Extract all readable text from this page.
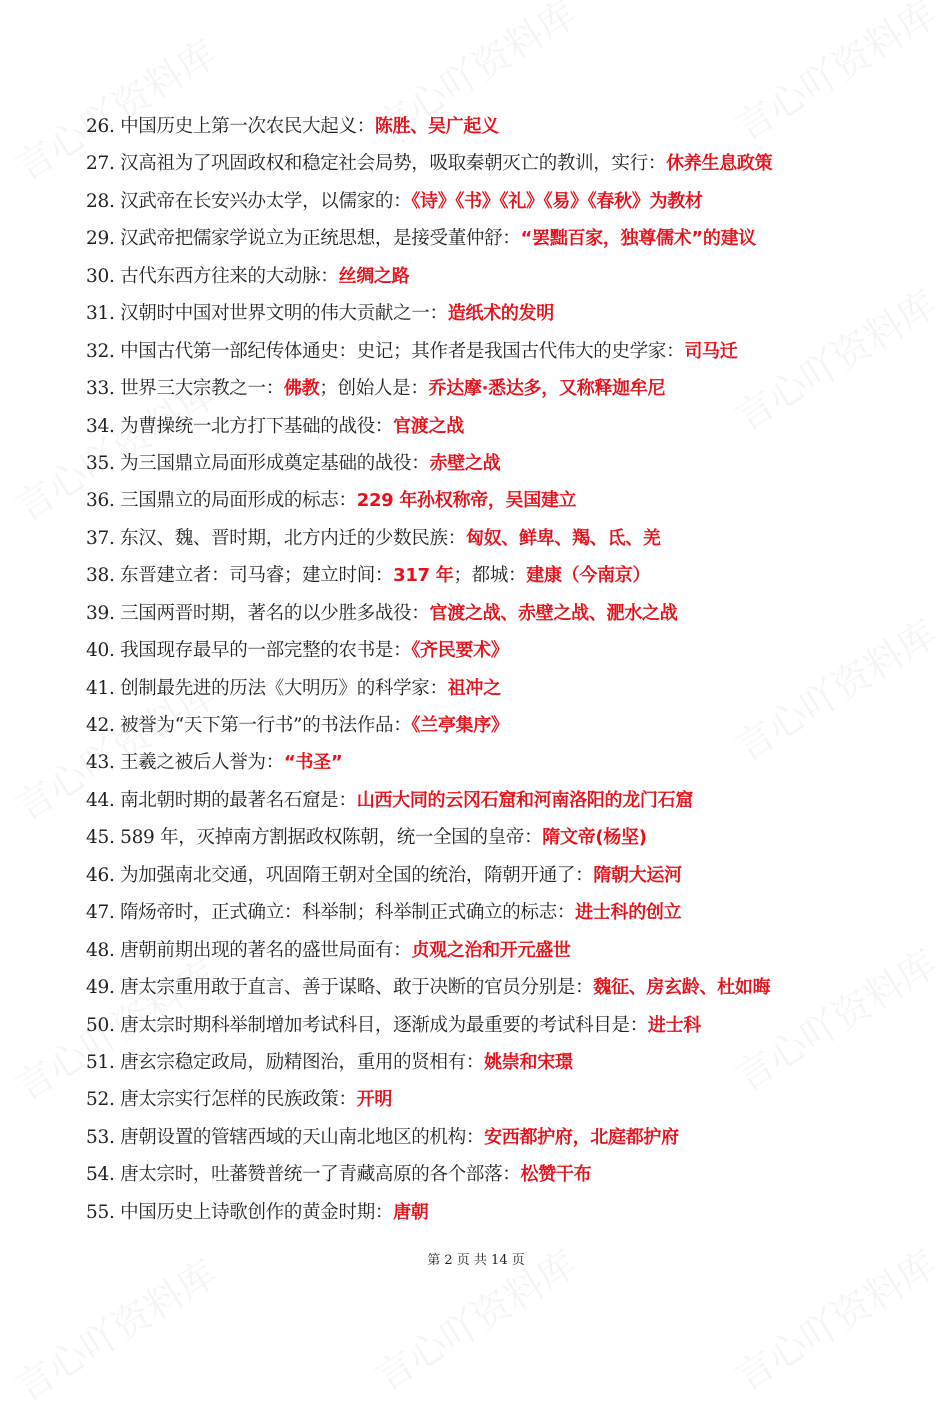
26. 中国历史上第一次农民大起义：陈胜、吴广起义
27. 汉高祖为了巩固政权和稳定社会局势，吸取秦朝灭亡的教训，实行：休养生息政策
28. 汉武帝在长安兴办太学，以儒家的：《诗》《书》《礼》《易》《春秋》为教材
29. 汉武帝把儒家学说立为正统思想，是接受董仲舒：“罢黜百家，独尊儒术”的建议
30. 古代东西方往来的大动脉：丝绸之路
31. 汉朝时中国对世界文明的伟大贡献之一：造纸术的发明
32. 中国古代第一部纪传体通史：史记；其作者是我国古代伟大的史学家：司马迁
33. 世界三大宗教之一：佛教；创始人是：乔达摩·悉达多，又称释迦牟尼
34. 为曹操统一北方打下基础的战役：官渡之战
35. 为三国鼎立局面形成奠定基础的战役：赤壁之战
36. 三国鼎立的局面形成的标志：229 年孙权称帝，吴国建立
37. 东汉、魏、晋时期，北方内迁的少数民族：匈奴、鲜卑、羯、氐、羌
38. 东晋建立者：司马睿；建立时间：317 年；都城：建康（今南京）
39. 三国两晋时期，著名的以少胜多战役：官渡之战、赤壁之战、淝水之战
40. 我国现存最早的一部完整的农书是：《齐民要术》
41. 创制最先进的历法《大明历》的科学家：祖冲之
42. 被誉为“天下第一行书”的书法作品：《兰亭集序》
43. 王羲之被后人誉为：“书圣”
44. 南北朝时期的最著名石窟是：山西大同的云冈石窟和河南洛阳的龙门石窟
45. 589 年，灭掉南方割据政权陈朝，统一全国的皇帝：隋文帝(杨坚)
46. 为加强南北交通，巩固隋王朝对全国的统治，隋朝开通了：隋朝大运河
47. 隋炀帝时，正式确立：科举制；科举制正式确立的标志：进士科的创立
48. 唐朝前期出现的著名的盛世局面有：贞观之治和开元盛世
49. 唐太宗重用敢于直言、善于谋略、敢于决断的官员分别是：魏征、房玄龄、杜如晦
50. 唐太宗时期科举制增加考试科目，逐渐成为最重要的考试科目是：进士科
51. 唐玄宗稳定政局，励精图治，重用的贤相有：姚崇和宋璟
52. 唐太宗实行怎样的民族政策：开明
53. 唐朝设置的管辖西域的天山南北地区的机构：安西都护府，北庭都护府
54. 唐太宗时，吐蕃赞普统一了青藏高原的各个部落：松赞干布
55. 中国历史上诗歌创作的黄金时期：唐朝
第 2 页 共 14 页
